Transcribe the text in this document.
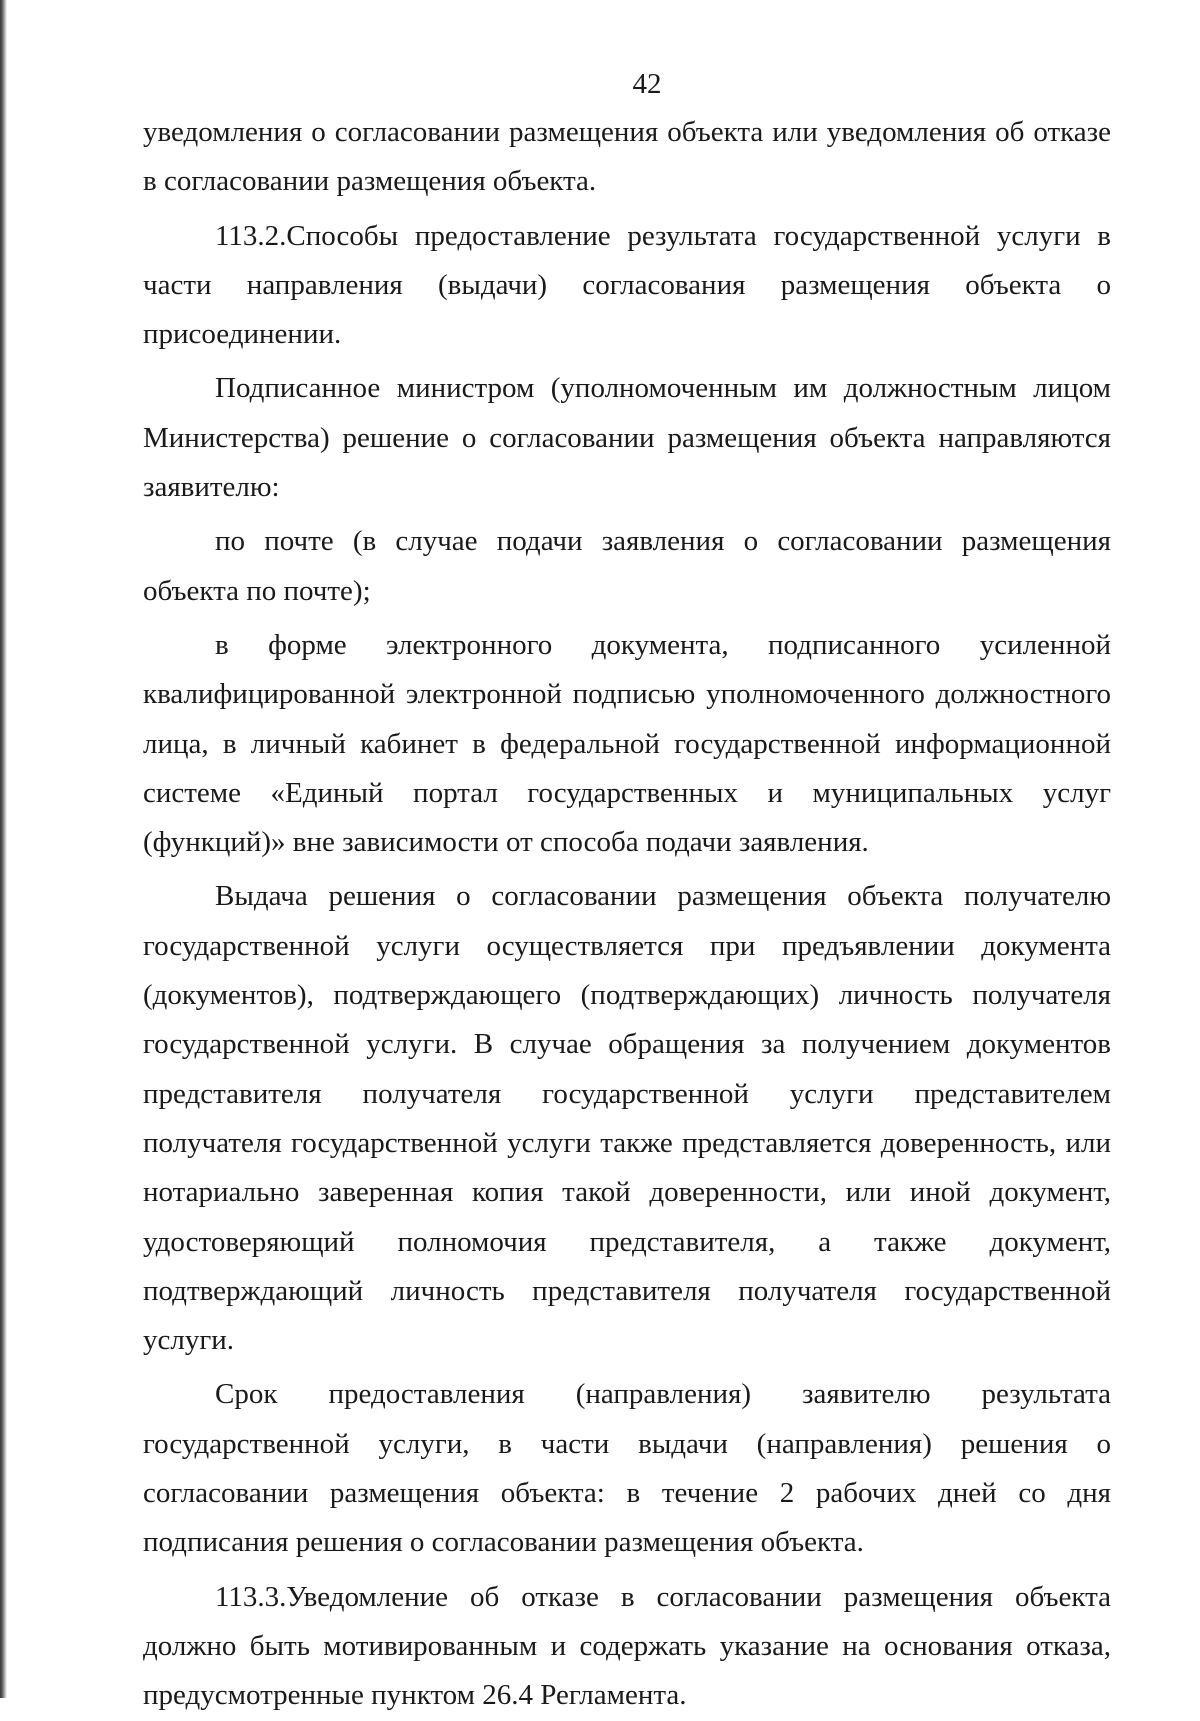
42

уведомления о согласовании размещения объекта или уведомления об отказе в согласовании размещения объекта.

113.2.Способы предоставление результата государственной услуги в части направления (выдачи) согласования размещения объекта о присоединении.

Подписанное министром (уполномоченным им должностным лицом Министерства) решение о согласовании размещения объекта направляются заявителю:

по почте (в случае подачи заявления о согласовании размещения объекта по почте);

в форме электронного документа, подписанного усиленной квалифицированной электронной подписью уполномоченного должностного лица, в личный кабинет в федеральной государственной информационной системе «Единый портал государственных и муниципальных услуг (функций)» вне зависимости от способа подачи заявления.

Выдача решения о согласовании размещения объекта получателю государственной услуги осуществляется при предъявлении документа (документов), подтверждающего (подтверждающих) личность получателя государственной услуги. В случае обращения за получением документов представителя получателя государственной услуги представителем получателя государственной услуги также представляется доверенность, или нотариально заверенная копия такой доверенности, или иной документ, удостоверяющий полномочия представителя, а также документ, подтверждающий личность представителя получателя государственной услуги.

Срок предоставления (направления) заявителю результата государственной услуги, в части выдачи (направления) решения о согласовании размещения объекта: в течение 2 рабочих дней со дня подписания решения о согласовании размещения объекта.

113.3.Уведомление об отказе в согласовании размещения объекта должно быть мотивированным и содержать указание на основания отказа, предусмотренные пунктом 26.4 Регламента.
